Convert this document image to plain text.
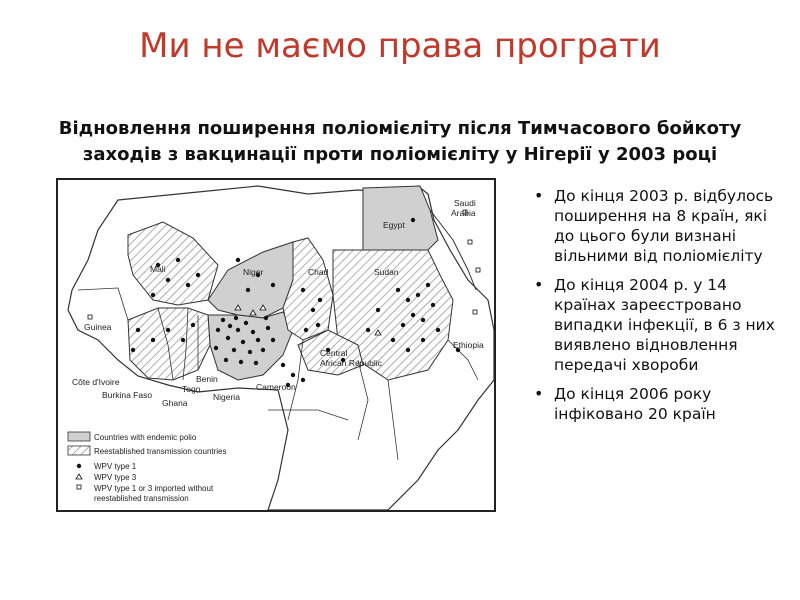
Ми не маємо права програти
Відновлення поширення поліомієліту після Тимчасового бойкоту
заходів з вакцинації проти поліомієліту у Нігерії у 2003 році
Saudi
Arabia
Egypt
Mali	Niger	Chad	Sudan
Guinea
Ethiopia
Central
African Republic
Côte d'Ivoire	Benin
Togo
Burkina Faso
Ghana
Nigeria
Cameroon
Countries with endemic polio
Reestablished transmission countries
WPV type 1
WPV type 3
WPV type 1 or 3 imported without
reestablished transmission
• До кінця 2003 р. відбулось поширення на 8 країн, які до цього були визнані вільними від поліомієліту
• До кінця 2004 р. у 14 країнах зареєстровано випадки інфекції, в 6 з них виявлено відновлення передачі хвороби
• До кінця 2006 року інфіковано 20 країн
